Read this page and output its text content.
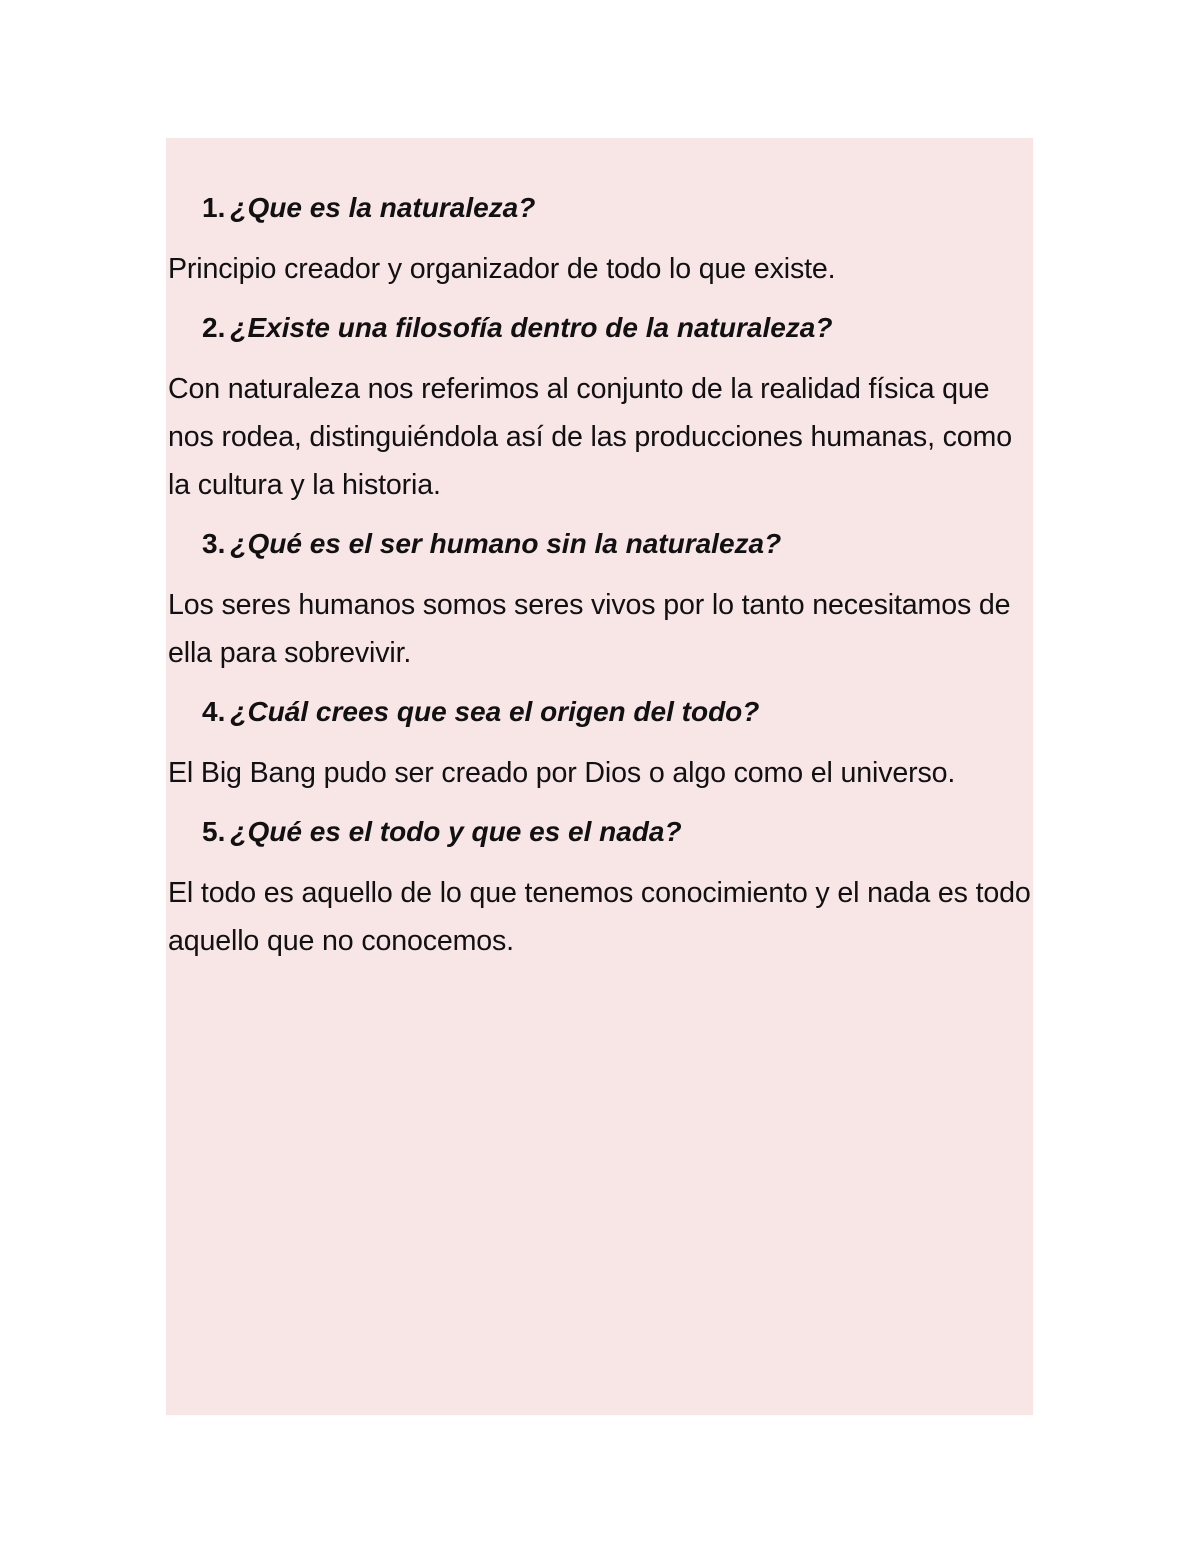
1. ¿Que es la naturaleza?

Principio creador y organizador de todo lo que existe.

2. ¿Existe una filosofía dentro de la naturaleza?

Con naturaleza nos referimos al conjunto de la realidad física que nos rodea, distinguiéndola así de las producciones humanas, como la cultura y la historia.

3. ¿Qué es el ser humano sin la naturaleza?

Los seres humanos somos seres vivos por lo tanto necesitamos de ella para sobrevivir.

4. ¿Cuál crees que sea el origen del todo?

El Big Bang pudo ser creado por Dios o algo como el universo.

5. ¿Qué es el todo y que es el nada?

El todo es aquello de lo que tenemos conocimiento y el nada es todo aquello que no conocemos.
